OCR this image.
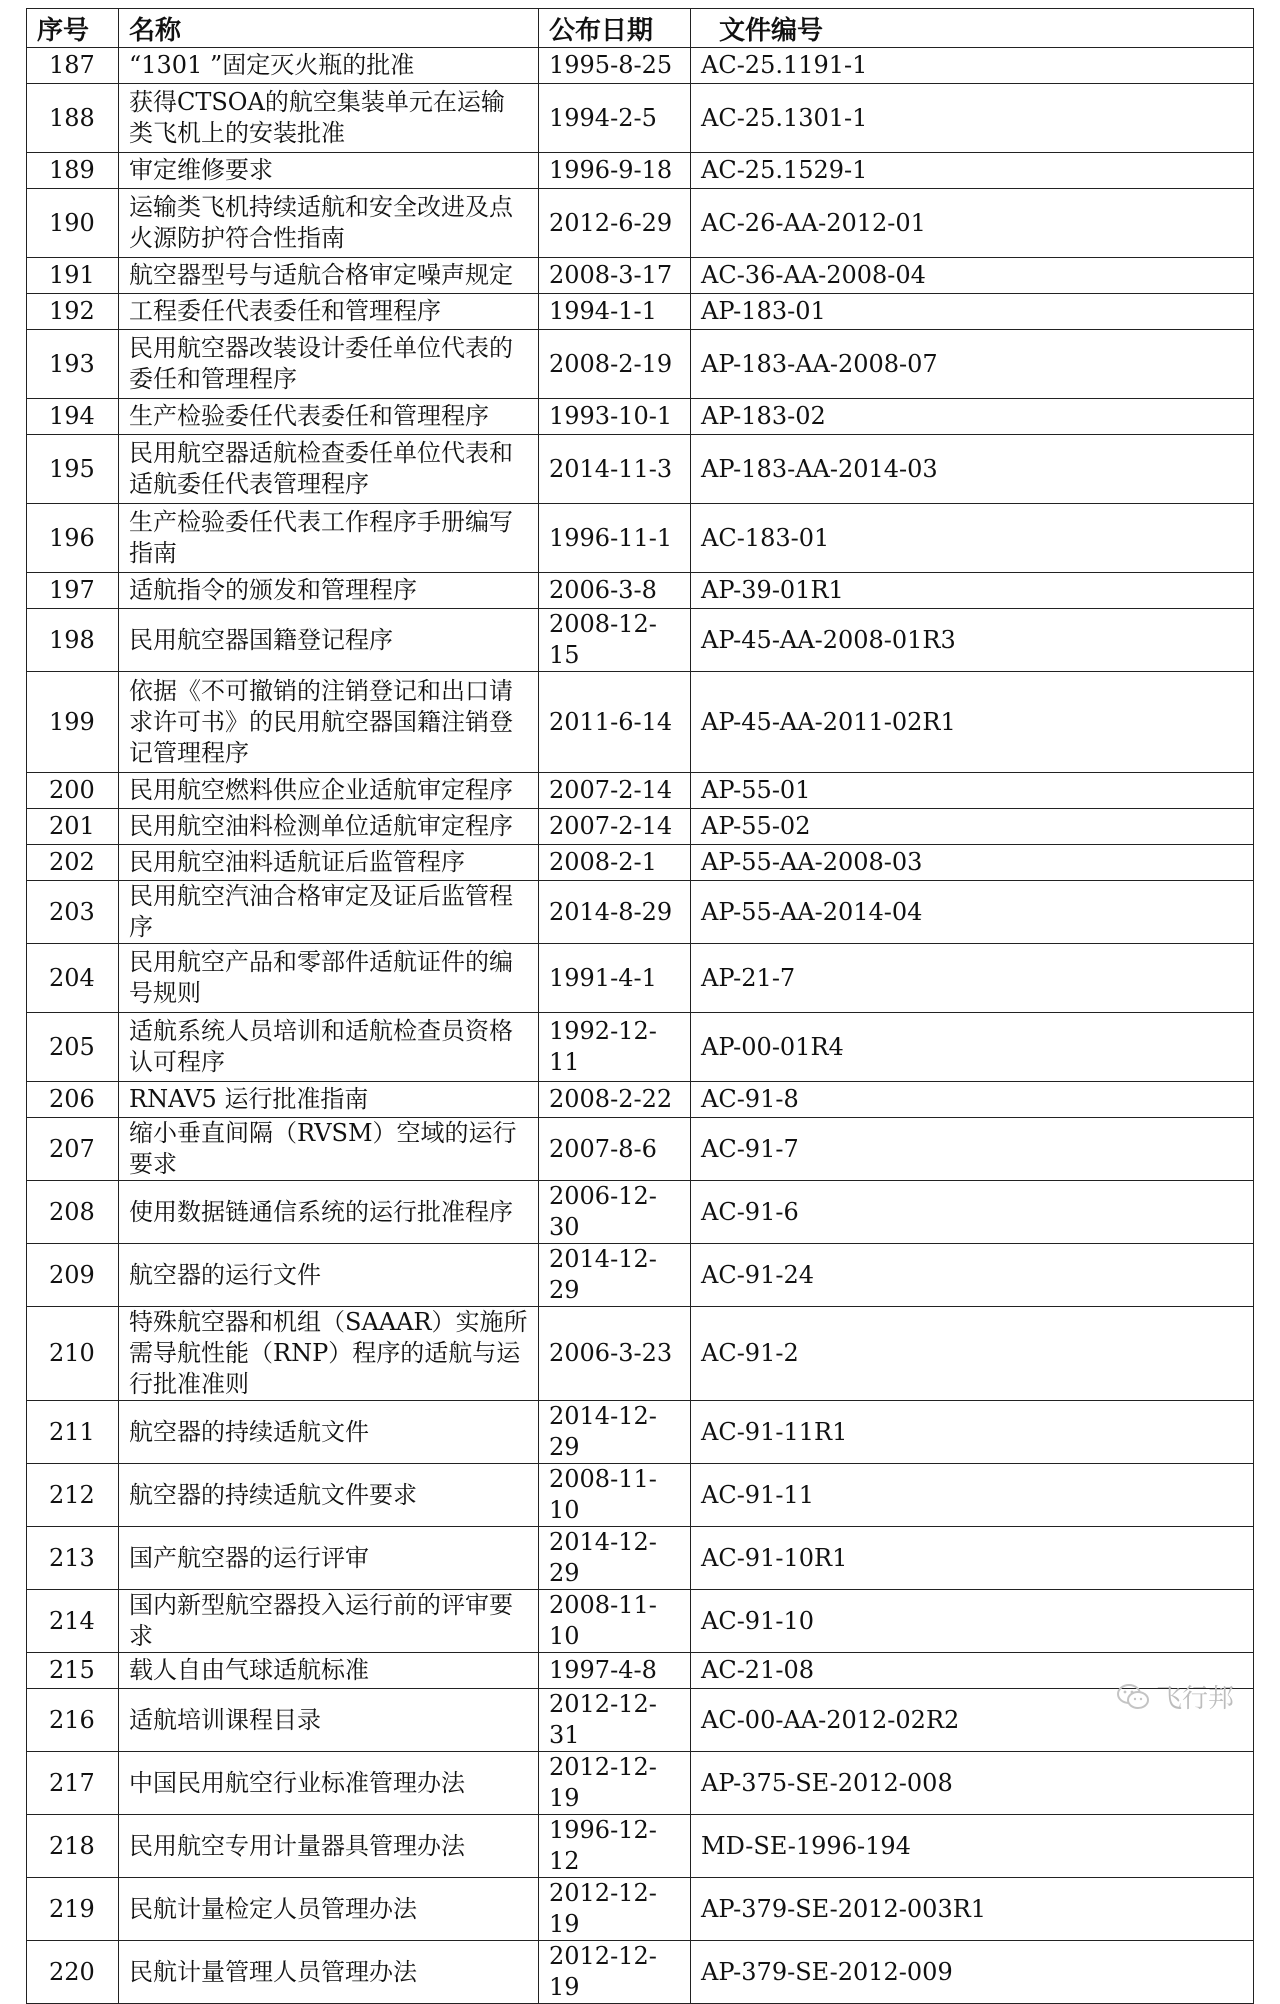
序号	名称	公布日期	文件编号
187	“1301 ”固定灭火瓶的批准	1995-8-25	AC-25.1191-1
188	获得CTSOA的航空集装单元在运输类飞机上的安装批准	1994-2-5	AC-25.1301-1
189	审定维修要求	1996-9-18	AC-25.1529-1
190	运输类飞机持续适航和安全改进及点火源防护符合性指南	2012-6-29	AC-26-AA-2012-01
191	航空器型号与适航合格审定噪声规定	2008-3-17	AC-36-AA-2008-04
192	工程委任代表委任和管理程序	1994-1-1	AP-183-01
193	民用航空器改装设计委任单位代表的委任和管理程序	2008-2-19	AP-183-AA-2008-07
194	生产检验委任代表委任和管理程序	1993-10-1	AP-183-02
195	民用航空器适航检查委任单位代表和适航委任代表管理程序	2014-11-3	AP-183-AA-2014-03
196	生产检验委任代表工作程序手册编写指南	1996-11-1	AC-183-01
197	适航指令的颁发和管理程序	2006-3-8	AP-39-01R1
198	民用航空器国籍登记程序	2008-12-15	AP-45-AA-2008-01R3
199	依据《不可撤销的注销登记和出口请求许可书》的民用航空器国籍注销登记管理程序	2011-6-14	AP-45-AA-2011-02R1
200	民用航空燃料供应企业适航审定程序	2007-2-14	AP-55-01
201	民用航空油料检测单位适航审定程序	2007-2-14	AP-55-02
202	民用航空油料适航证后监管程序	2008-2-1	AP-55-AA-2008-03
203	民用航空汽油合格审定及证后监管程序	2014-8-29	AP-55-AA-2014-04
204	民用航空产品和零部件适航证件的编号规则	1991-4-1	AP-21-7
205	适航系统人员培训和适航检查员资格认可程序	1992-12-11	AP-00-01R4
206	RNAV5 运行批准指南	2008-2-22	AC-91-8
207	缩小垂直间隔（RVSM）空域的运行要求	2007-8-6	AC-91-7
208	使用数据链通信系统的运行批准程序	2006-12-30	AC-91-6
209	航空器的运行文件	2014-12-29	AC-91-24
210	特殊航空器和机组（SAAAR）实施所需导航性能（RNP）程序的适航与运行批准准则	2006-3-23	AC-91-2
211	航空器的持续适航文件	2014-12-29	AC-91-11R1
212	航空器的持续适航文件要求	2008-11-10	AC-91-11
213	国产航空器的运行评审	2014-12-29	AC-91-10R1
214	国内新型航空器投入运行前的评审要求	2008-11-10	AC-91-10
215	载人自由气球适航标准	1997-4-8	AC-21-08
216	适航培训课程目录	2012-12-31	AC-00-AA-2012-02R2
217	中国民用航空行业标准管理办法	2012-12-19	AP-375-SE-2012-008
218	民用航空专用计量器具管理办法	1996-12-12	MD-SE-1996-194
219	民航计量检定人员管理办法	2012-12-19	AP-379-SE-2012-003R1
220	民航计量管理人员管理办法	2012-12-19	AP-379-SE-2012-009
飞行邦
